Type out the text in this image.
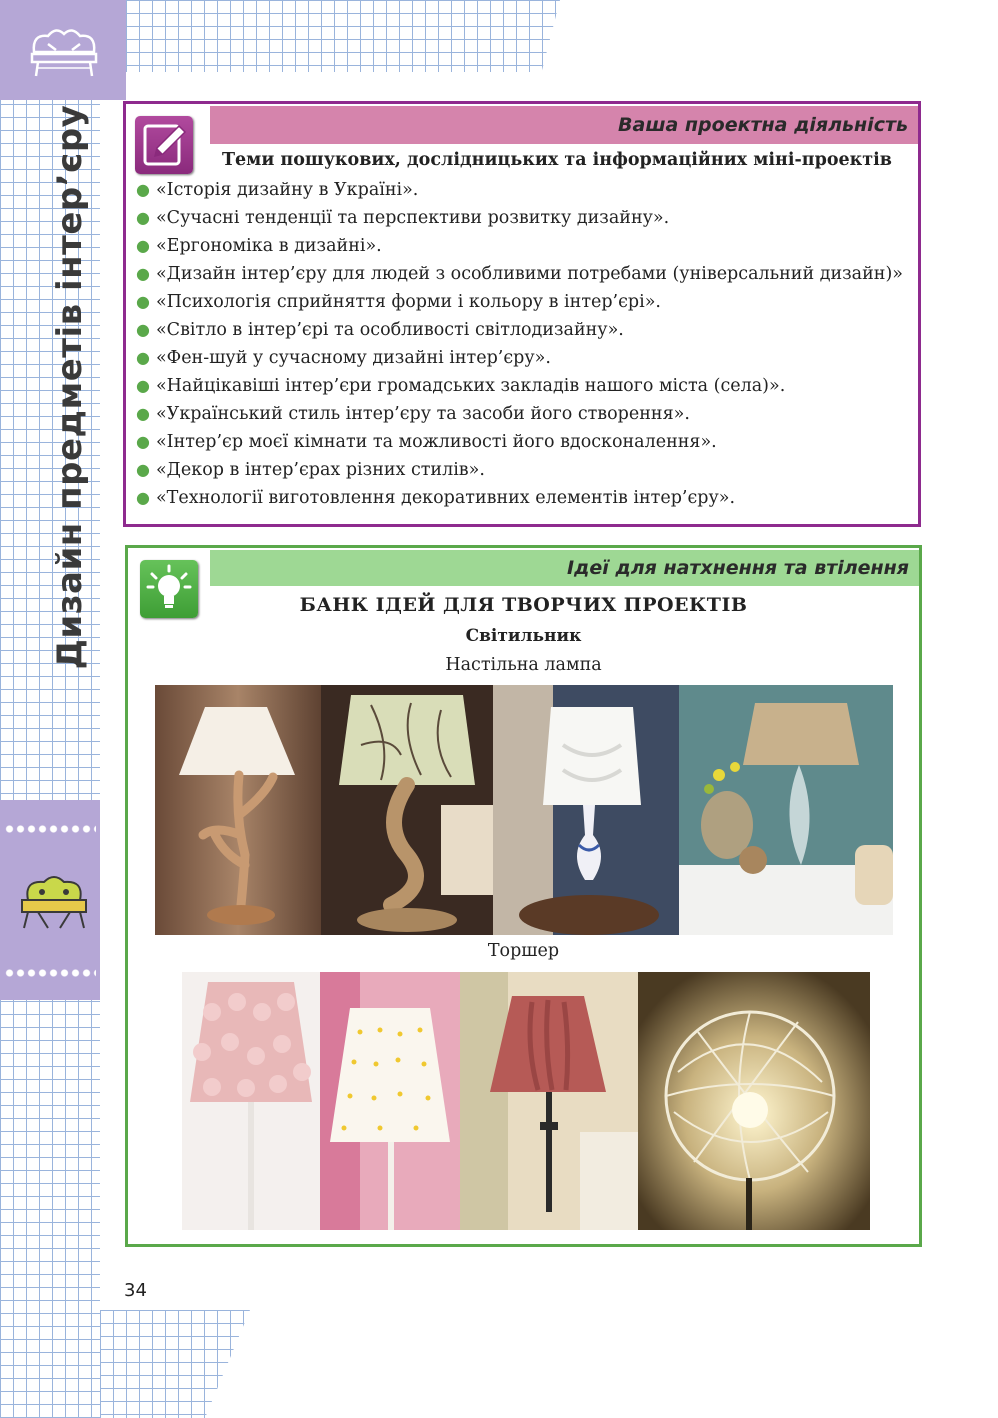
Дизайн предметів інтер’єру	Ваша проектна діяльність
Теми пошукових, дослідницьких та інформаційних міні-проектів
● «Історія дизайну в Україні».
● «Сучасні тенденції та перспективи розвитку дизайну».
● «Ергономіка в дизайні».
● «Дизайн інтер’єру для людей з особливими потребами (універсальний дизайн)»
● «Психологія сприйняття форми і кольору в інтер’єрі».
● «Світло в інтер’єрі та особливості світлодизайну».
● «Фен-шуй у сучасному дизайні інтер’єру».
● «Найцікавіші інтер’єри громадських закладів нашого міста (села)».
● «Український стиль інтер’єру та засоби його створення».
● «Інтер’єр моєї кімнати та можливості його вдосконалення».
● «Декор в інтер’єрах різних стилів».
● «Технології виготовлення декоративних елементів інтер’єру».
Ідеї для натхнення та втілення
БАНК ІДЕЙ ДЛЯ ТВОРЧИХ ПРОЕКТІВ
Світильник
Настільна лампа
Торшер
34
